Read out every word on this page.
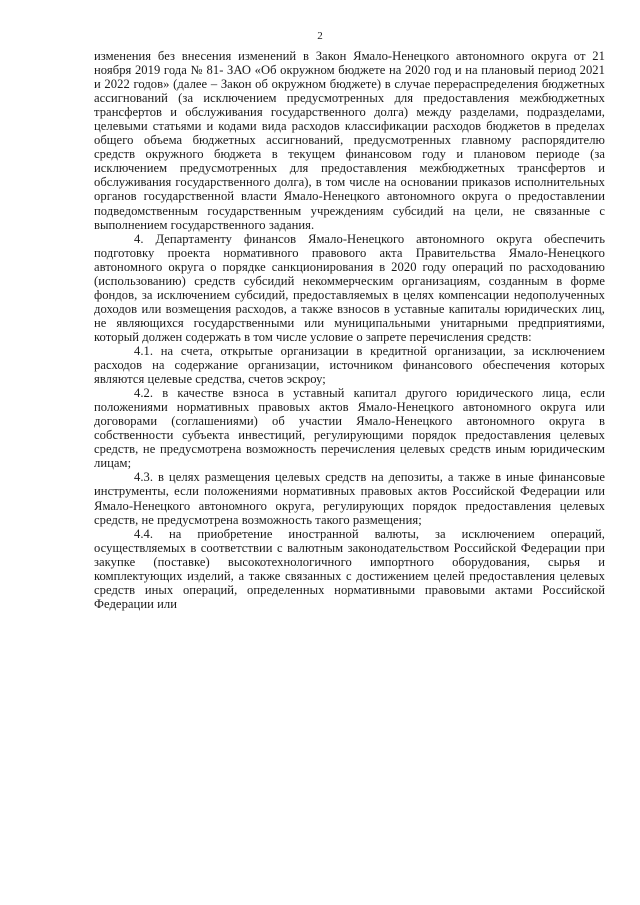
2

изменения без внесения изменений в Закон Ямало-Ненецкого автономного округа от 21 ноября 2019 года № 81- ЗАО «Об окружном бюджете на 2020 год и на плановый период 2021 и 2022 годов» (далее – Закон об окружном бюджете) в случае перераспределения бюджетных ассигнований (за исключением предусмотренных для предоставления межбюджетных трансфертов и обслуживания государственного долга) между разделами, подразделами, целевыми статьями и кодами вида расходов классификации расходов бюджетов в пределах общего объема бюджетных ассигнований, предусмотренных главному распорядителю средств окружного бюджета в текущем финансовом году и плановом периоде (за исключением предусмотренных для предоставления межбюджетных трансфертов и обслуживания государственного долга), в том числе на основании приказов исполнительных органов государственной власти Ямало-Ненецкого автономного округа о предоставлении подведомственным государственным учреждениям субсидий на цели, не связанные с выполнением государственного задания.

4. Департаменту финансов Ямало-Ненецкого автономного округа обеспечить подготовку проекта нормативного правового акта Правительства Ямало-Ненецкого автономного округа о порядке санкционирования в 2020 году операций по расходованию (использованию) средств субсидий некоммерческим организациям, созданным в форме фондов, за исключением субсидий, предоставляемых в целях компенсации недополученных доходов или возмещения расходов, а также взносов в уставные капиталы юридических лиц, не являющихся государственными или муниципальными унитарными предприятиями, который должен содержать в том числе условие о запрете перечисления средств:

4.1. на счета, открытые организации в кредитной организации, за исключением расходов на содержание организации, источником финансового обеспечения которых являются целевые средства, счетов эскроу;

4.2. в качестве взноса в уставный капитал другого юридического лица, если положениями нормативных правовых актов Ямало-Ненецкого автономного округа или договорами (соглашениями) об участии Ямало-Ненецкого автономного округа в собственности субъекта инвестиций, регулирующими порядок предоставления целевых средств, не предусмотрена возможность перечисления целевых средств иным юридическим лицам;

4.3. в целях размещения целевых средств на депозиты, а также в иные финансовые инструменты, если положениями нормативных правовых актов Российской Федерации или Ямало-Ненецкого автономного округа, регулирующих порядок предоставления целевых средств, не предусмотрена возможность такого размещения;

4.4. на приобретение иностранной валюты, за исключением операций, осуществляемых в соответствии с валютным законодательством Российской Федерации при закупке (поставке) высокотехнологичного импортного оборудования, сырья и комплектующих изделий, а также связанных с достижением целей предоставления целевых средств иных операций, определенных нормативными правовыми актами Российской Федерации или
